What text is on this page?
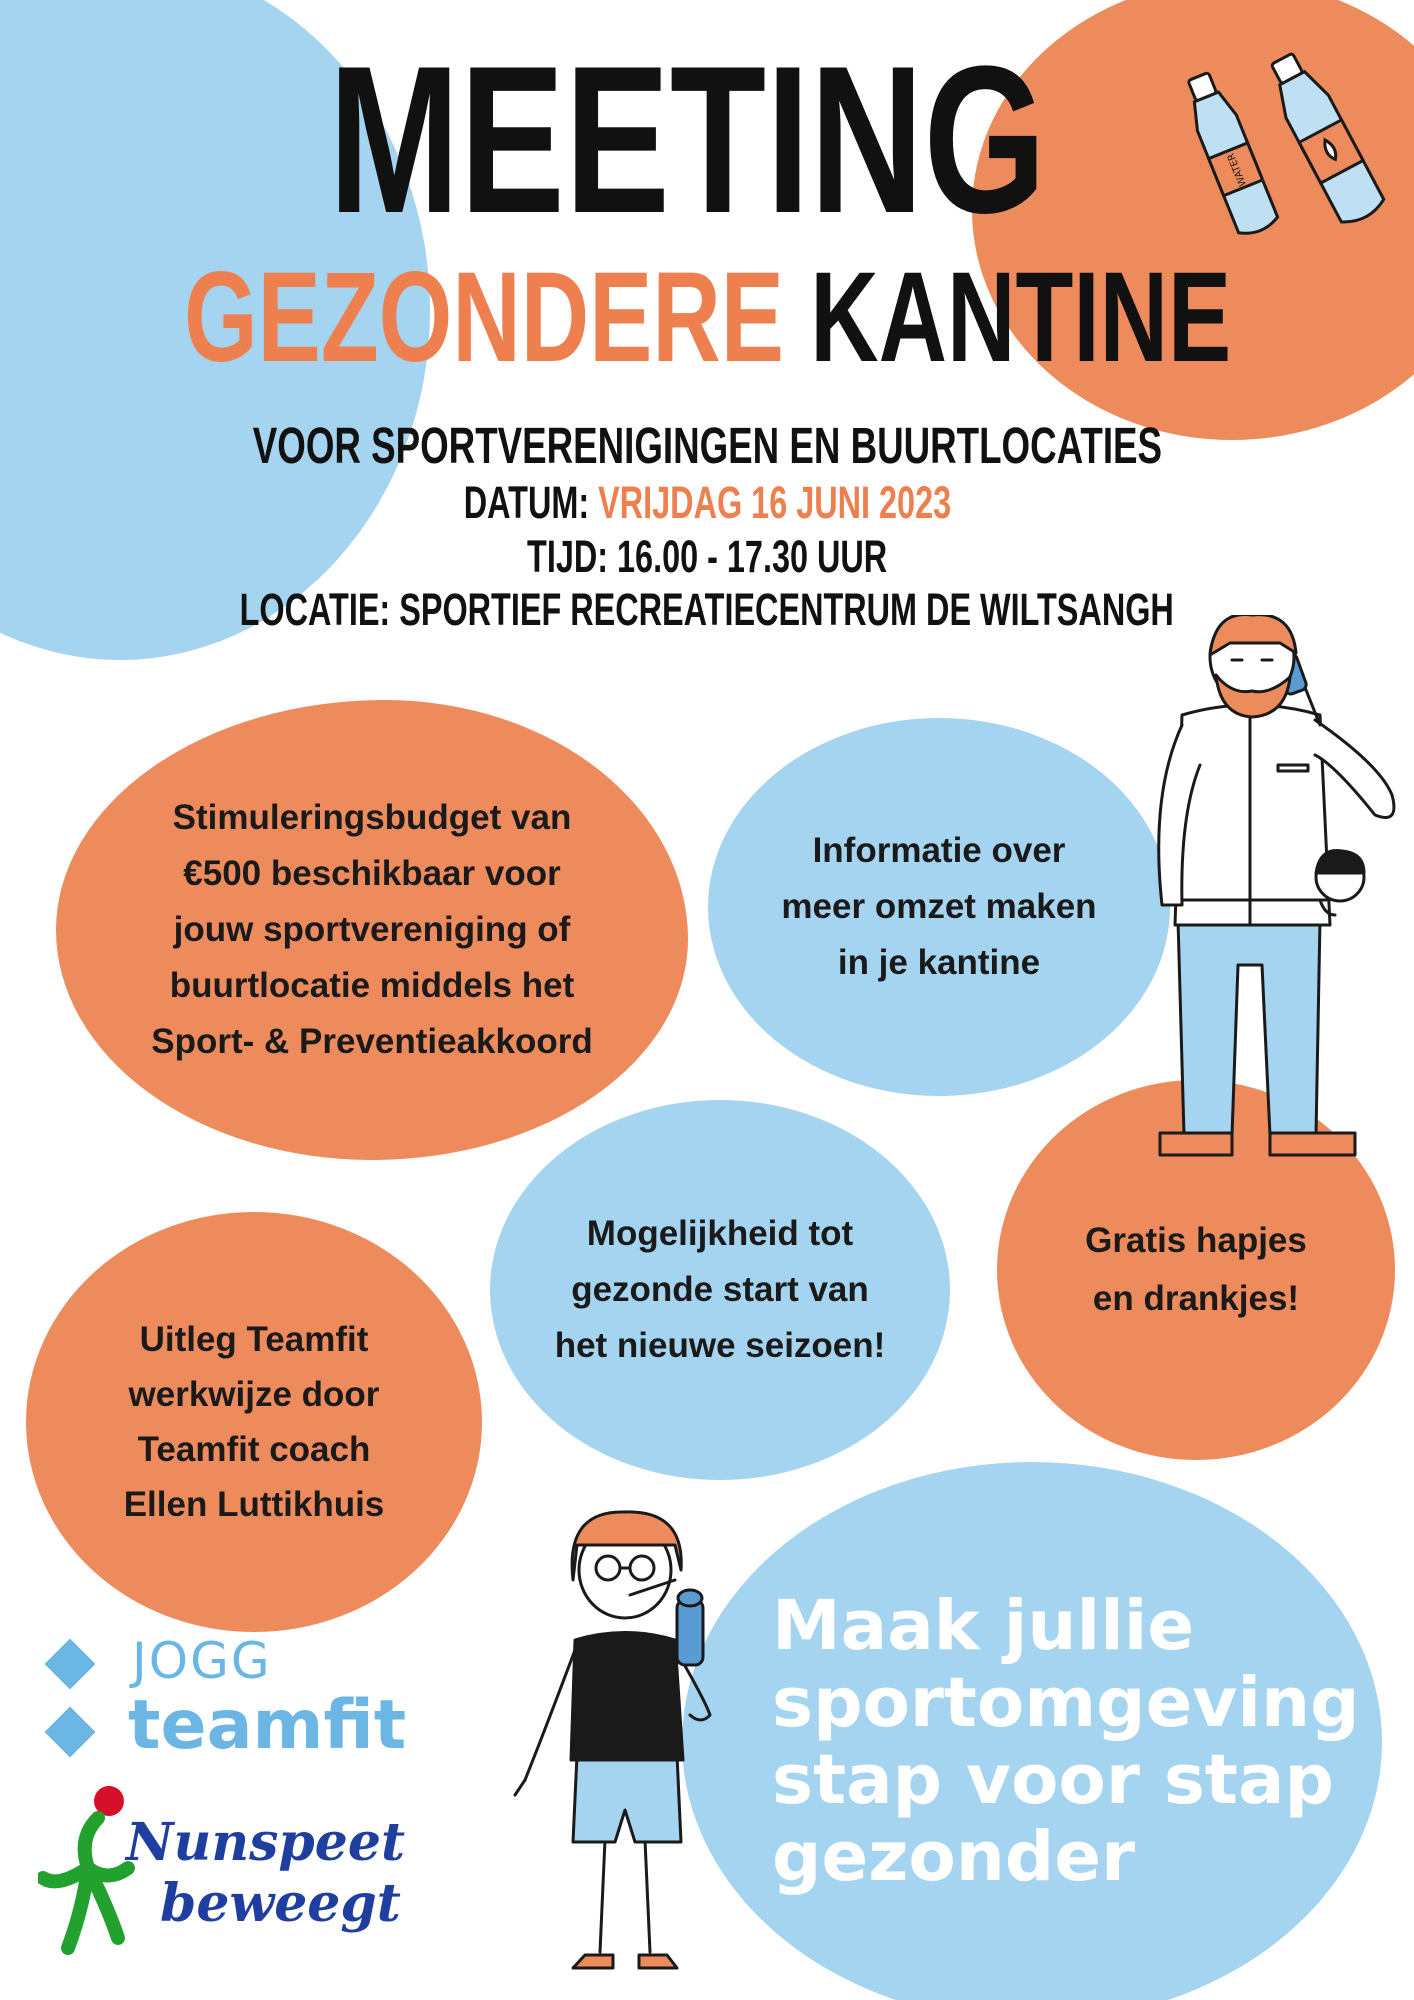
WATER
MEETING
GEZONDERE KANTINE
VOOR SPORTVERENIGINGEN EN BUURTLOCATIES
DATUM: VRIJDAG 16 JUNI 2023
TIJD: 16.00 - 17.30 UUR
LOCATIE: SPORTIEF RECREATIECENTRUM DE WILTSANGH
Stimuleringsbudget van
€500 beschikbaar voor
jouw sportvereniging of
buurtlocatie middels het
Sport- & Preventieakkoord
Informatie over
meer omzet maken
in je kantine
Gratis hapjes
en drankjes!
Mogelijkheid tot
gezonde start van
het nieuwe seizoen!
Uitleg Teamfit
werkwijze door
Teamfit coach
Ellen Luttikhuis
Maak jullie
sportomgeving
stap voor stap
gezonder
JOGG
teamfit
Nunspeet
beweegt
